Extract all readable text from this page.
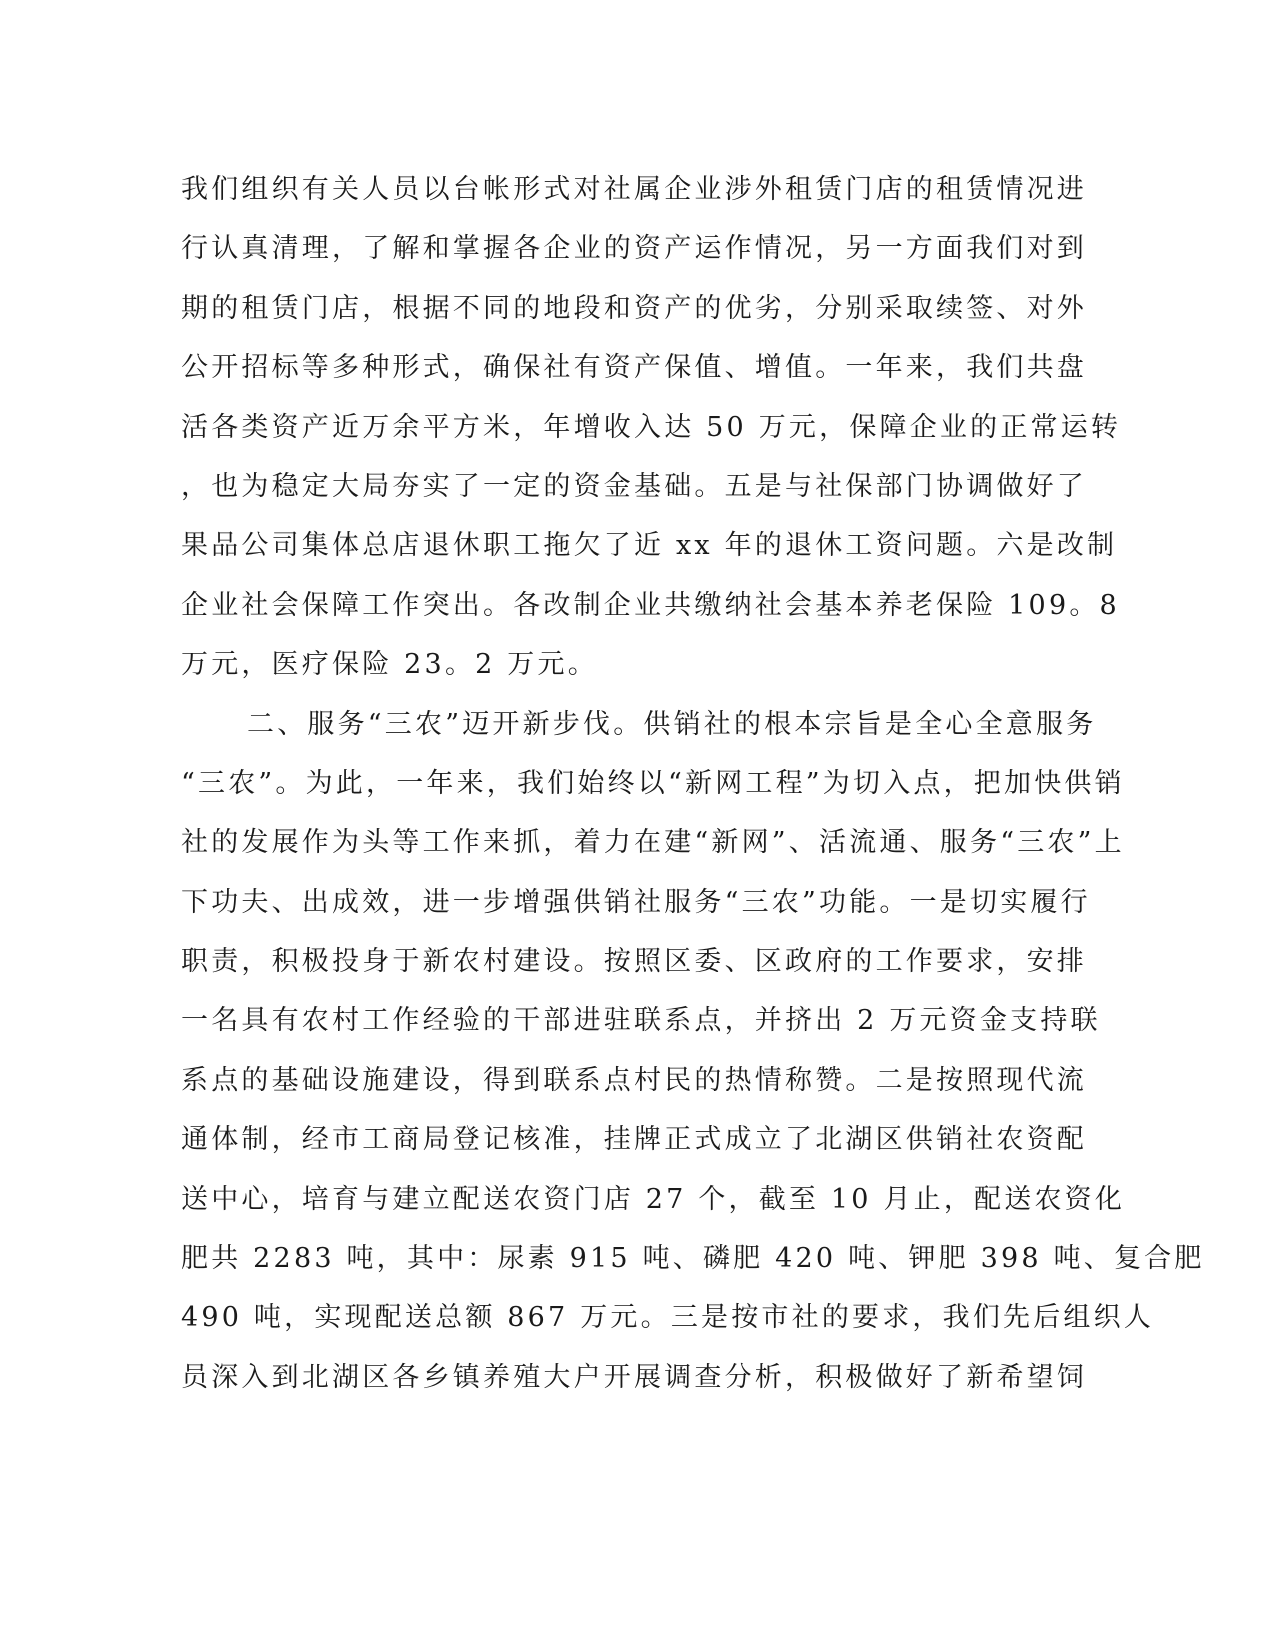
我们组织有关人员以台帐形式对社属企业涉外租赁门店的租赁情况进
行认真清理，了解和掌握各企业的资产运作情况，另一方面我们对到
期的租赁门店，根据不同的地段和资产的优劣，分别采取续签、对外
公开招标等多种形式，确保社有资产保值、增值。一年来，我们共盘
活各类资产近万余平方米，年增收入达 50 万元，保障企业的正常运转
，也为稳定大局夯实了一定的资金基础。五是与社保部门协调做好了
果品公司集体总店退休职工拖欠了近 xx 年的退休工资问题。六是改制
企业社会保障工作突出。各改制企业共缴纳社会基本养老保险 109。8
万元，医疗保险 23。2 万元。
二、服务“三农”迈开新步伐。供销社的根本宗旨是全心全意服务
“三农”。为此，一年来，我们始终以“新网工程”为切入点，把加快供销
社的发展作为头等工作来抓，着力在建“新网”、活流通、服务“三农”上
下功夫、出成效，进一步增强供销社服务“三农”功能。一是切实履行
职责，积极投身于新农村建设。按照区委、区政府的工作要求，安排
一名具有农村工作经验的干部进驻联系点，并挤出 2 万元资金支持联
系点的基础设施建设，得到联系点村民的热情称赞。二是按照现代流
通体制，经市工商局登记核准，挂牌正式成立了北湖区供销社农资配
送中心，培育与建立配送农资门店 27 个，截至 10 月止，配送农资化
肥共 2283 吨，其中：尿素 915 吨、磷肥 420 吨、钾肥 398 吨、复合肥
490 吨，实现配送总额 867 万元。三是按市社的要求，我们先后组织人
员深入到北湖区各乡镇养殖大户开展调查分析，积极做好了新希望饲
